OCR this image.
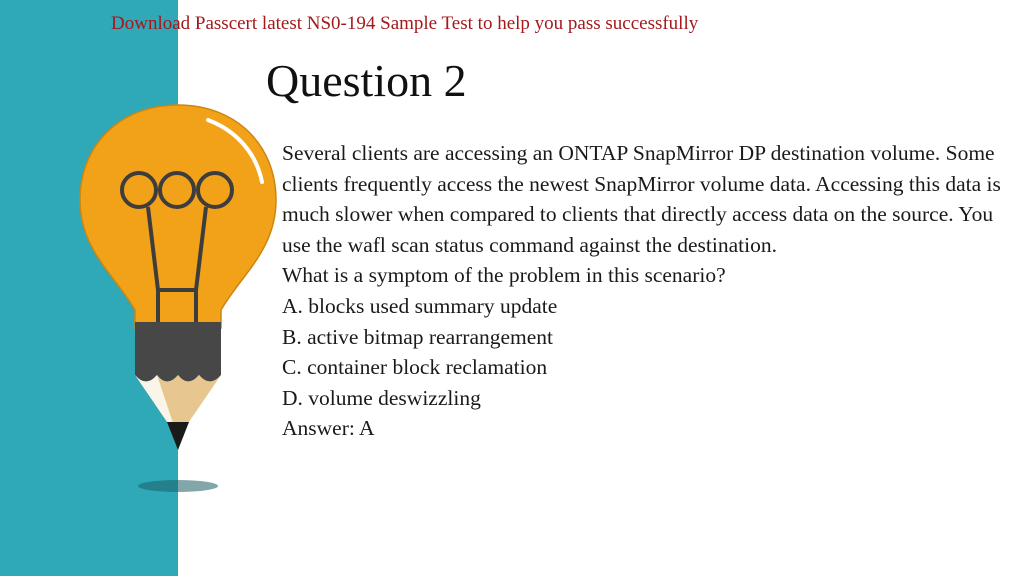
Download Passcert latest NS0-194 Sample Test to help you pass successfully
Question 2

Several clients are accessing an ONTAP SnapMirror DP destination volume. Some clients frequently access the newest SnapMirror volume data. Accessing this data is much slower when compared to clients that directly access data on the source. You use the wafl scan status command against the destination.

What is a symptom of the problem in this scenario?

A. blocks used summary update

B. active bitmap rearrangement

C. container block reclamation

D. volume deswizzling

Answer: A
